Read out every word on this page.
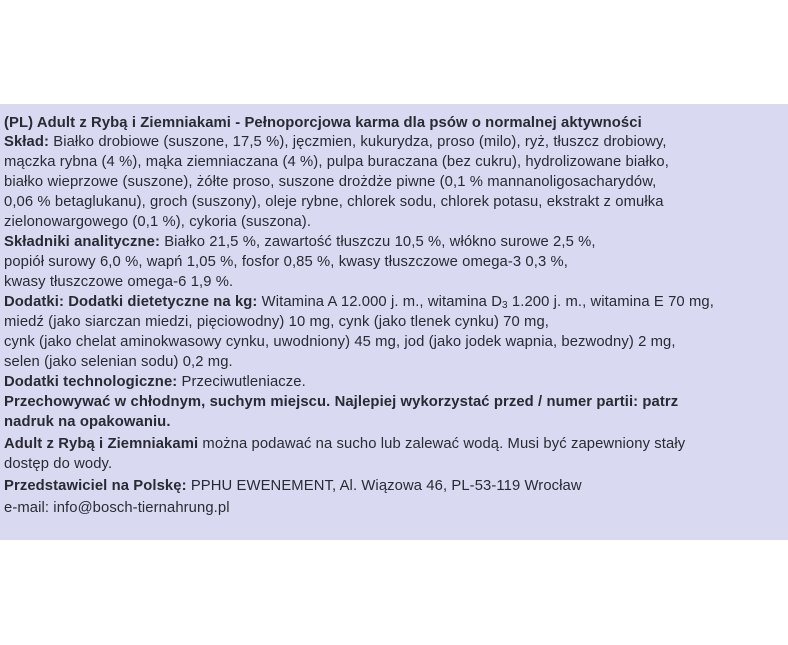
(PL) Adult z Rybą i Ziemniakami - Pełnoporcjowa karma dla psów o normalnej aktywności
Skład: Białko drobiowe (suszone, 17,5 %), jęczmien, kukurydza, proso (milo), ryż, tłuszcz drobiowy,
mączka rybna (4 %), mąka ziemniaczana (4 %), pulpa buraczana (bez cukru), hydrolizowane białko,
białko wieprzowe (suszone), żółte proso, suszone drożdże piwne (0,1 % mannanoligosacharydów,
0,06 % betaglukanu), groch (suszony), oleje rybne, chlorek sodu, chlorek potasu, ekstrakt z omułka
zielonowargowego (0,1 %), cykoria (suszona).
Składniki analityczne: Białko 21,5 %, zawartość tłuszczu 10,5 %, włókno surowe 2,5 %,
popiół surowy 6,0 %, wapń 1,05 %, fosfor 0,85 %, kwasy tłuszczowe omega-3 0,3 %,
kwasy tłuszczowe omega-6 1,9 %.
Dodatki: Dodatki dietetyczne na kg: Witamina A 12.000 j. m., witamina $D_3$ 1.200 j. m., witamina E 70 mg,
miedź (jako siarczan miedzi, pięciowodny) 10 mg, cynk (jako tlenek cynku) 70 mg,
cynk (jako chelat aminokwasowy cynku, uwodniony) 45 mg, jod (jako jodek wapnia, bezwodny) 2 mg,
selen (jako selenian sodu) 0,2 mg.
Dodatki technologiczne: Przeciwutleniacze.
Przechowywać w chłodnym, suchym miejscu. Najlepiej wykorzystać przed / numer partii: patrz
nadruk na opakowaniu.
Adult z Rybą i Ziemniakami można podawać na sucho lub zalewać wodą. Musi być zapewniony stały
dostęp do wody.
Przedstawiciel na Polskę: PPHU EWENEMENT, Al. Wiązowa 46, PL-53-119 Wrocław
e-mail: info@bosch-tiernahrung.pl
